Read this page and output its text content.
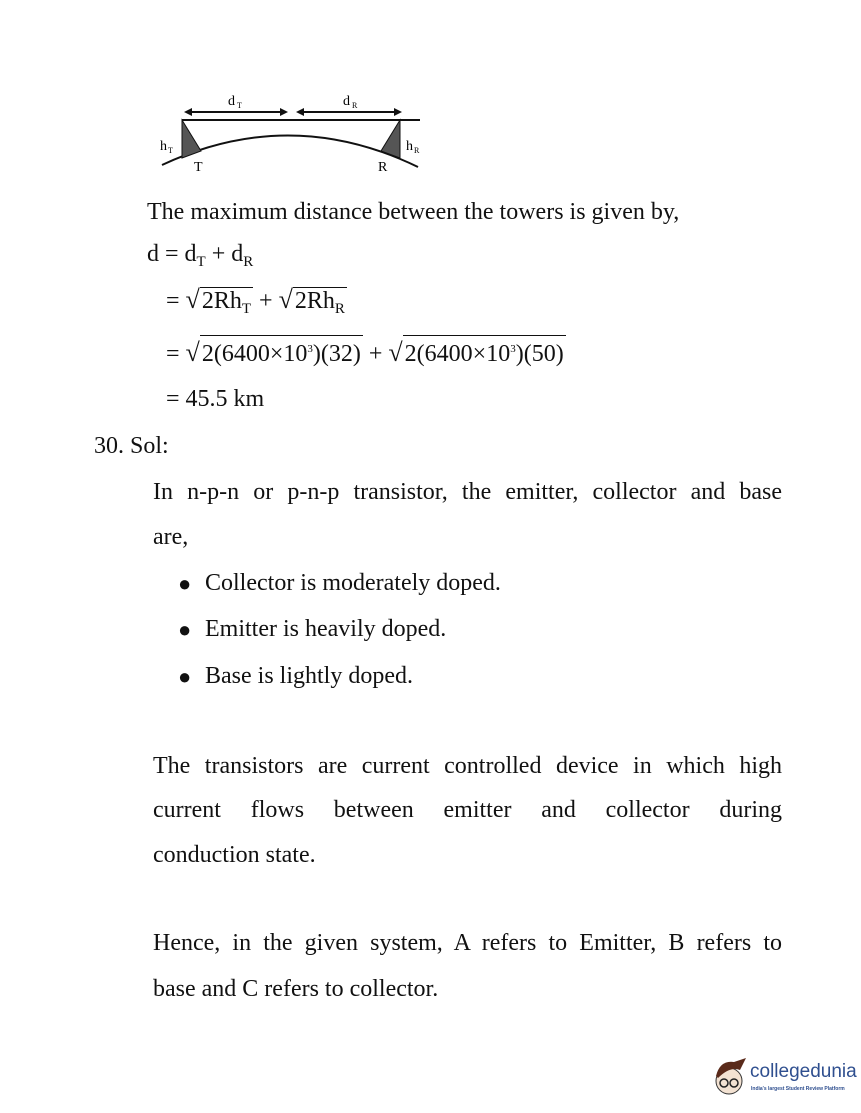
d T	d R
h T	h R
T	R
The maximum distance between the towers is given by,
$d = d_T + d_R$
= $√2Rh_T + √2Rh_R$
= $√2(6400\times 10^3)(32) + √2(6400\times 10^3)(50)$
= 45.5 km
30. Sol:
In n-p-n or p-n-p transistor, the emitter, collector and base
are,
● Collector is moderately doped.
● Emitter is heavily doped.
● Base is lightly doped.
The transistors are current controlled device in which high
current flows between emitter and collector during
conduction state.
Hence, in the given system, A refers to Emitter, B refers to
base and C refers to collector.
collegedunia
India's largest Student Review Platform
